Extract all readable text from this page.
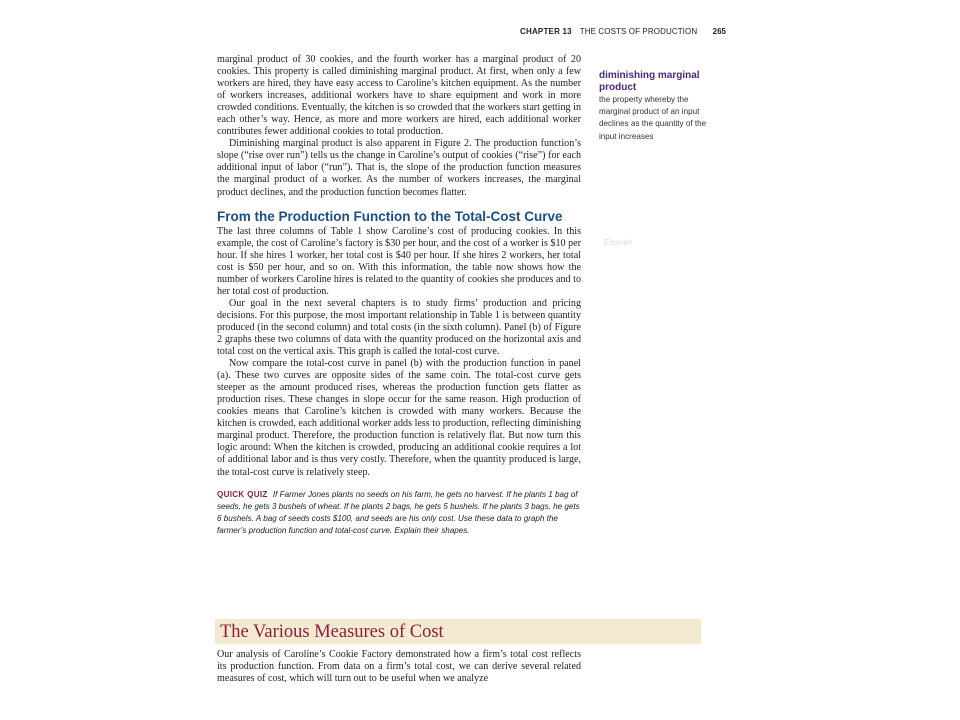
CHAPTER 13 THE COSTS OF PRODUCTION 265

marginal product of 30 cookies, and the fourth worker has a marginal product of 20 cookies. This property is called diminishing marginal product. At first, when only a few workers are hired, they have easy access to Caroline’s kitchen equipment. As the number of workers increases, additional workers have to share equipment and work in more crowded conditions. Eventually, the kitchen is so crowded that the workers start getting in each other’s way. Hence, as more and more workers are hired, each additional worker contributes fewer additional cookies to total production.

Diminishing marginal product is also apparent in Figure 2. The production function’s slope (“rise over run”) tells us the change in Caroline’s output of cookies (“rise”) for each additional input of labor (“run”). That is, the slope of the production function measures the marginal product of a worker. As the number of workers increases, the marginal product declines, and the production function becomes flatter.

From the Production Function to the Total-Cost Curve

The last three columns of Table 1 show Caroline’s cost of producing cookies. In this example, the cost of Caroline’s factory is $30 per hour, and the cost of a worker is $10 per hour. If she hires 1 worker, her total cost is $40 per hour. If she hires 2 workers, her total cost is $50 per hour, and so on. With this information, the table now shows how the number of workers Caroline hires is related to the quantity of cookies she produces and to her total cost of production.

Our goal in the next several chapters is to study firms’ production and pricing decisions. For this purpose, the most important relationship in Table 1 is between quantity produced (in the second column) and total costs (in the sixth column). Panel (b) of Figure 2 graphs these two columns of data with the quantity produced on the horizontal axis and total cost on the vertical axis. This graph is called the total-cost curve.

Now compare the total-cost curve in panel (b) with the production function in panel (a). These two curves are opposite sides of the same coin. The total-cost curve gets steeper as the amount produced rises, whereas the production function gets flatter as production rises. These changes in slope occur for the same reason. High production of cookies means that Caroline’s kitchen is crowded with many workers. Because the kitchen is crowded, each additional worker adds less to production, reflecting diminishing marginal product. Therefore, the production function is relatively flat. But now turn this logic around: When the kitchen is crowded, producing an additional cookie requires a lot of additional labor and is thus very costly. Therefore, when the quantity produced is large, the total-cost curve is relatively steep.

QUICK QUIZ If Farmer Jones plants no seeds on his farm, he gets no harvest. If he plants 1 bag of seeds, he gets 3 bushels of wheat. If he plants 2 bags, he gets 5 bushels. If he plants 3 bags, he gets 6 bushels. A bag of seeds costs $100, and seeds are his only cost. Use these data to graph the farmer’s production function and total-cost curve. Explain their shapes.
diminishing marginal product
the property whereby the marginal product of an input declines as the quantity of the input increases
Elsevier
The Various Measures of Cost

Our analysis of Caroline’s Cookie Factory demonstrated how a firm’s total cost reflects its production function. From data on a firm’s total cost, we can derive several related measures of cost, which will turn out to be useful when we analyze
